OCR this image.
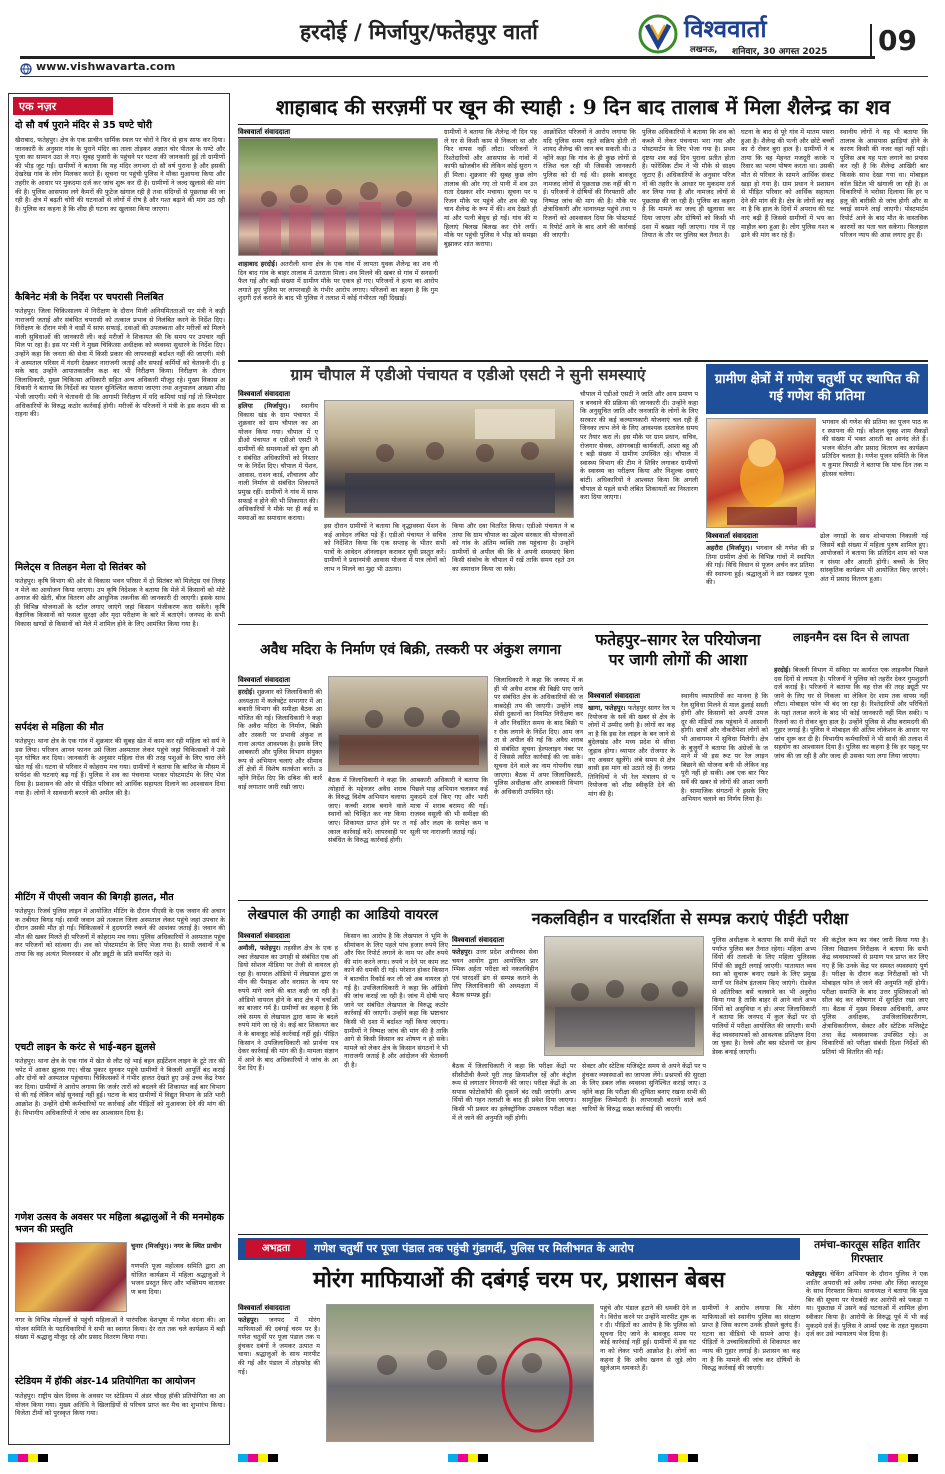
हरदोई / मिर्जापुर/फतेहपुर वार्ता	विश्ववार्ता
लखनऊ, शनिवार, 30 अगस्त 2025 09
www.vishwavarta.com
एक नज़र
दो सौ वर्ष पुराने मंदिर से 35 घण्टे चोरी
खैराबाद, फतेहपुर। क्षेत्र के एक प्राचीन धार्मिक स्थल पर चोरों ने फिर से हाथ साफ कर दिया। जानकारी के अनुसार गांव के पुराने मंदिर का ताला तोड़कर अज्ञात चोर पीतल के घण्टे और पूजा का सामान उठा ले गए। सुबह पुजारी के पहुंचने पर घटना की जानकारी हुई तो ग्रामीणों की भीड़ जुट गई। ग्रामीणों ने बताया कि यह मंदिर लगभग दो सौ वर्ष पुराना है और इसकी देखरेख गांव के लोग मिलकर करते हैं। सूचना पर पहुंची पुलिस ने मौका मुआयना किया और तहरीर के आधार पर मुकदमा दर्ज कर जांच शुरू कर दी है। ग्रामीणों ने जल्द खुलासे की मांग की है। पुलिस आसपास लगे कैमरों की फुटेज खंगाल रही है तथा संदिग्धों से पूछताछ की जा रही है। क्षेत्र में बढ़ती चोरी की घटनाओं से लोगों में रोष है और गश्त बढ़ाने की मांग उठ रही है। पुलिस का कहना है कि शीघ्र ही घटना का खुलासा किया जाएगा।
कैबिनेट मंत्री के निर्देश पर चपरासी निलंबित
फतेहपुर। जिला चिकित्सालय में निरीक्षण के दौरान मिली अनियमितताओं पर मंत्री ने कड़ी नाराजगी जताई और संबंधित चपरासी को तत्काल प्रभाव से निलंबित करने के निर्देश दिए। निरीक्षण के दौरान मंत्री ने वार्डों में साफ सफाई, दवाओं की उपलब्धता और मरीजों को मिलने वाली सुविधाओं की जानकारी ली। कई मरीजों ने शिकायत की कि समय पर उपचार नहीं मिल पा रहा है। इस पर मंत्री ने मुख्य चिकित्सा अधीक्षक को व्यवस्था सुधारने के निर्देश दिए। उन्होंने कहा कि जनता की सेवा में किसी प्रकार की लापरवाही बर्दाश्त नहीं की जाएगी। मंत्री ने अस्पताल परिसर में गंदगी देखकर नाराजगी जताई और सफाई कर्मियों को चेतावनी दी। इसके बाद उन्होंने आपातकालीन कक्ष का भी निरीक्षण किया। निरीक्षण के दौरान जिलाधिकारी, मुख्य चिकित्सा अधिकारी सहित अन्य अधिकारी मौजूद रहे। मुख्य विकास अधिकारी ने बताया कि निर्देशों का पालन सुनिश्चित कराया जाएगा तथा अनुपालन आख्या शीघ्र भेजी जाएगी। मंत्री ने चेतावनी दी कि आगामी निरीक्षण में यदि कमियां पाई गईं तो जिम्मेदार अधिकारियों के विरुद्ध कठोर कार्रवाई होगी। मरीजों के परिजनों ने मंत्री के इस कदम की सराहना की।
मिलेट्स व तिलहन मेला दो सितंबर को
फतेहपुर। कृषि विभाग की ओर से विकास भवन परिसर में दो सितंबर को मिलेट्स एवं तिलहन मेले का आयोजन किया जाएगा। उप कृषि निदेशक ने बताया कि मेले में किसानों को मोटे अनाज की खेती, बीज वितरण और आधुनिक तकनीक की जानकारी दी जाएगी। इसके साथ ही विभिन्न योजनाओं के स्टॉल लगाए जाएंगे जहां किसान पंजीकरण करा सकेंगे। कृषि वैज्ञानिक किसानों को फसल सुरक्षा और मृदा परीक्षण के बारे में बताएंगे। जनपद के सभी विकास खण्डों से किसानों को मेले में शामिल होने के लिए आमंत्रित किया गया है।
सर्पदंश से महिला की मौत
फतेहपुर। थाना क्षेत्र के एक गांव में शुक्रवार की सुबह खेत में काम कर रही महिला को सर्प ने डस लिया। परिजन आनन फानन उसे जिला अस्पताल लेकर पहुंचे जहां चिकित्सकों ने उसे मृत घोषित कर दिया। जानकारी के अनुसार महिला रोज की तरह पशुओं के लिए चारा लेने खेत गई थी। घटना से परिवार में कोहराम मच गया। ग्रामीणों ने बताया कि बारिश के मौसम में सर्पदंश की घटनाएं बढ़ गई हैं। पुलिस ने शव का पंचनामा भरकर पोस्टमार्टम के लिए भेज दिया है। प्रशासन की ओर से पीड़ित परिवार को आर्थिक सहायता दिलाने का आश्वासन दिया गया है। लोगों ने सावधानी बरतने की अपील की है।
मीटिंग में पीएसी जवान की बिगड़ी हालत, मौत
फतेहपुर। रिजर्व पुलिस लाइन में आयोजित मीटिंग के दौरान पीएसी के एक जवान की अचानक तबीयत बिगड़ गई। साथी जवान उसे तत्काल जिला अस्पताल लेकर पहुंचे जहां उपचार के दौरान उसकी मौत हो गई। चिकित्सकों ने हृदयगति रुकने की आशंका जताई है। जवान की मौत की खबर मिलते ही परिजनों में कोहराम मच गया। पुलिस अधिकारियों ने अस्पताल पहुंचकर परिजनों को सांत्वना दी। शव को पोस्टमार्टम के लिए भेजा गया है। साथी जवानों ने बताया कि वह अत्यंत मिलनसार थे और ड्यूटी के प्रति समर्पित रहते थे।
एचटी लाइन के करंट से भाई-बहन झुलसे
फतेहपुर। थाना क्षेत्र के एक गांव में खेत से लौट रहे भाई बहन हाईटेंशन लाइन के टूटे तार की चपेट में आकर झुलस गए। चीख पुकार सुनकर पहुंचे ग्रामीणों ने बिजली आपूर्ति बंद कराई और दोनों को अस्पताल पहुंचाया। चिकित्सकों ने गंभीर हालत देखते हुए उन्हें उच्च केंद्र रेफर कर दिया। ग्रामीणों ने आरोप लगाया कि जर्जर तारों को बदलने की शिकायत कई बार विभाग से की गई लेकिन कोई सुनवाई नहीं हुई। घटना के बाद ग्रामीणों में विद्युत विभाग के प्रति भारी आक्रोश है। उन्होंने दोषी कर्मचारियों पर कार्रवाई और पीड़ितों को मुआवजा देने की मांग की है। विभागीय अधिकारियों ने जांच का आश्वासन दिया है।
गणेश उत्सव के अवसर पर महिला श्रद्धालुओं ने की मनमोहक भजन की प्रस्तुति
चुनार (मिर्जापुर)। नगर के स्थित प्राचीन
गणपति पूजा महोत्सव समिति द्वारा आयोजित कार्यक्रम में महिला श्रद्धालुओं ने भजन प्रस्तुत किए और भक्तिमय वातावरण बना दिया।
नगर के विभिन्न मोहल्लों से पहुंची महिलाओं ने पारंपरिक वेशभूषा में गणेश वंदना की। आयोजन समिति के पदाधिकारियों ने सभी का स्वागत किया। देर रात तक चले कार्यक्रम में बड़ी संख्या में श्रद्धालु मौजूद रहे और प्रसाद वितरण किया गया।
स्टेडियम में हॉकी अंडर-14 प्रतियोगिता का आयोजन
फतेहपुर। राष्ट्रीय खेल दिवस के अवसर पर स्टेडियम में अंडर चौदह हॉकी प्रतियोगिता का आयोजन किया गया। मुख्य अतिथि ने खिलाड़ियों से परिचय प्राप्त कर मैच का शुभारंभ किया। विजेता टीमों को पुरस्कृत किया गया।
शाहाबाद की सरज़मीं पर खून की स्याही : 9 दिन बाद तालाब में मिला शैलेन्द्र का शव
विश्ववार्ता संवाददाता
शाहाबाद हरदोई। अतरौली थाना क्षेत्र के एक गांव में लापता युवक शैलेन्द्र का शव नौ दिन बाद गांव के बाहर तालाब में उतराता मिला। शव मिलने की खबर से गांव में सनसनी फैल गई और बड़ी संख्या में ग्रामीण मौके पर एकत्र हो गए। परिजनों ने हत्या का आरोप लगाते हुए पुलिस पर लापरवाही के गंभीर आरोप लगाए। परिजनों का कहना है कि गुमशुदगी दर्ज कराने के बाद भी पुलिस ने तलाश में कोई गंभीरता नहीं दिखाई।
ग्रामीणों ने बताया कि शैलेन्द्र नौ दिन पहले घर से किसी काम से निकला था और फिर वापस नहीं लौटा। परिजनों ने रिश्तेदारियों और आसपास के गांवों में काफी खोजबीन की लेकिन कोई सुराग नहीं मिला। शुक्रवार की सुबह कुछ लोग तालाब की ओर गए तो पानी में शव उतराता देखकर शोर मचाया। सूचना पर परिजन मौके पर पहुंचे और शव की पहचान शैलेन्द्र के रूप में की। शव देखते ही मां और पत्नी बेसुध हो गईं। गांव की महिलाएं बिलख बिलख कर रोने लगीं। मौके पर पहुंची पुलिस ने भीड़ को समझा बुझाकर शांत कराया।
आक्रोशित परिजनों ने आरोप लगाया कि यदि पुलिस समय रहते सक्रिय होती तो शायद शैलेन्द्र की जान बच सकती थी। उन्होंने कहा कि गांव के ही कुछ लोगों से रंजिश चल रही थी जिसकी जानकारी पुलिस को दी गई थी। इसके बावजूद नामजद लोगों से पूछताछ तक नहीं की गई। परिजनों ने दोषियों की गिरफ्तारी और निष्पक्ष जांच की मांग की है। मौके पर क्षेत्राधिकारी और थानाध्यक्ष पहुंचे तथा परिजनों को आश्वासन दिया कि पोस्टमार्टम रिपोर्ट आने के बाद आगे की कार्रवाई की जाएगी।
पुलिस अधिकारियों ने बताया कि शव को कब्जे में लेकर पंचनामा भरा गया और पोस्टमार्टम के लिए भेजा गया है। प्रथम दृष्टया शव कई दिन पुराना प्रतीत होता है। फोरेंसिक टीम ने भी मौके से साक्ष्य जुटाए हैं। अधिकारियों के अनुसार परिजनों की तहरीर के आधार पर मुकदमा दर्ज कर लिया गया है और नामजद लोगों से पूछताछ की जा रही है। पुलिस का कहना है कि मामले का जल्द ही खुलासा कर दिया जाएगा और दोषियों को किसी भी दशा में बख्शा नहीं जाएगा। गांव में एहतियात के तौर पर पुलिस बल तैनात है।
घटना के बाद से पूरे गांव में मातम पसरा हुआ है। शैलेन्द्र की पत्नी और छोटे बच्चों का रो रोकर बुरा हाल है। ग्रामीणों ने बताया कि वह मेहनत मजदूरी करके परिवार का भरण पोषण करता था। उसकी मौत से परिवार के सामने आर्थिक संकट खड़ा हो गया है। ग्राम प्रधान ने प्रशासन से पीड़ित परिवार को आर्थिक सहायता देने की मांग की है। क्षेत्र के लोगों का कहना है कि हाल के दिनों में अपराध की घटनाएं बढ़ी हैं जिससे ग्रामीणों में भय का माहौल बना हुआ है। लोग पुलिस गश्त बढ़ाने की मांग कर रहे हैं।
स्थानीय लोगों ने यह भी बताया कि तालाब के आसपास झाड़ियां होने के कारण किसी की नजर वहां नहीं पड़ी। पुलिस अब यह पता लगाने का प्रयास कर रही है कि शैलेन्द्र आखिरी बार किसके साथ देखा गया था। मोबाइल कॉल डिटेल भी खंगाली जा रही है। अधिकारियों ने भरोसा दिलाया कि हर पहलू की बारीकी से जांच होगी और सच्चाई सामने लाई जाएगी। पोस्टमार्टम रिपोर्ट आने के बाद मौत के वास्तविक कारणों का पता चल सकेगा। फिलहाल परिजन न्याय की आस लगाए हुए हैं।
ग्राम चौपाल में एडीओ पंचायत व एडीओ एसटी ने सुनी समस्याएं
विश्ववार्ता संवाददाता
हलिया (मिर्जापुर)। स्थानीय विकास खंड के ग्राम पंचायत में शुक्रवार को ग्राम चौपाल का आयोजन किया गया। चौपाल में एडीओ पंचायत व एडीओ एसटी ने ग्रामीणों की समस्याओं को सुना और संबंधित अधिकारियों को निस्तारण के निर्देश दिए। चौपाल में पेंशन, आवास, राशन कार्ड, शौचालय और नाली निर्माण से संबंधित शिकायतें प्रमुख रहीं। ग्रामीणों ने गांव में साफ सफाई न होने की भी शिकायत की। अधिकारियों ने मौके पर ही कई समस्याओं का समाधान कराया।
इस दौरान ग्रामीणों ने बताया कि वृद्धावस्था पेंशन के कई आवेदन लंबित पड़े हैं। एडीओ पंचायत ने सचिव को निर्देशित किया कि एक सप्ताह के भीतर सभी पात्रों के आवेदन ऑनलाइन कराकर सूची प्रस्तुत करें। ग्रामीणों ने प्रधानमंत्री आवास योजना में पात्र लोगों को लाभ न मिलने का मुद्दा भी उठाया।
किया और दवा वितरित किया। एडीओ पंचायत ने बताया कि ग्राम चौपाल का उद्देश्य सरकार की योजनाओं को गांव के अंतिम व्यक्ति तक पहुंचाना है। उन्होंने ग्रामीणों से अपील की कि वे अपनी समस्याएं बिना किसी संकोच के चौपाल में रखें ताकि समय रहते उनका समाधान किया जा सके।
चौपाल में एडीओ एसटी ने जाति और आय प्रमाण पत्र बनवाने की प्रक्रिया की जानकारी दी। उन्होंने कहा कि अनुसूचित जाति और जनजाति के लोगों के लिए सरकार की कई कल्याणकारी योजनाएं चल रही हैं जिनका लाभ लेने के लिए आवश्यक दस्तावेज समय पर तैयार करा लें। इस मौके पर ग्राम प्रधान, सचिव, रोजगार सेवक, आंगनबाड़ी कार्यकर्ती, आशा बहू और बड़ी संख्या में ग्रामीण उपस्थित रहे। चौपाल में स्वास्थ्य विभाग की टीम ने शिविर लगाकर ग्रामीणों के स्वास्थ्य का परीक्षण किया और निशुल्क दवाएं बांटीं। अधिकारियों ने आश्वस्त किया कि अगली चौपाल से पहले सभी लंबित शिकायतों का निस्तारण करा दिया जाएगा।
ग्रामीण क्षेत्रों में गणेश चतुर्थी पर स्थापित की गई गणेश की प्रतिमा
भगवान श्री गणेश की प्रतिमा का पूजन पाठ कर स्थापना की गई। कौशल सुबह शाम सैकड़ों की संख्या में भक्त आरती का आनंद लेते हैं। भजन कीर्तन और प्रसाद वितरण का कार्यक्रम प्रतिदिन चलता है। गणेश पूजन समिति के विजय कुमार त्रिपाठी ने बताया कि पांच दिन तक महोत्सव चलेगा।
विश्ववार्ता संवाददाता
अहरौरा (मिर्जापुर)। भगवान श्री गणेश की प्रतिमा ग्रामीण क्षेत्रों के विभिन्न गांवों में स्थापित की गई। विधि विधान से पूजन अर्चन कर प्रतिमा की स्थापना हुई। श्रद्धालुओं ने व्रत रखकर पूजा की।
ढोल नगाड़ों के साथ शोभायात्रा निकाली गई जिसमें बड़ी संख्या में महिला पुरुष शामिल हुए। आयोजकों ने बताया कि प्रतिदिन शाम को भजन संध्या और आरती होगी। बच्चों के लिए सांस्कृतिक कार्यक्रम भी आयोजित किए जाएंगे। अंत में प्रसाद वितरण हुआ।
अवैध मदिरा के निर्माण एवं बिक्री, तस्करी पर अंकुश लगाना
विश्ववार्ता संवाददाता
हरदोई। शुक्रवार को जिलाधिकारी की अध्यक्षता में कलेक्ट्रेट सभागार में आबकारी विभाग की समीक्षा बैठक आयोजित की गई। जिलाधिकारी ने कहा कि अवैध मदिरा के निर्माण, बिक्री और तस्करी पर प्रभावी अंकुश लगाना अत्यंत आवश्यक है। इसके लिए आबकारी और पुलिस विभाग संयुक्त रूप से अभियान चलाएं और सीमावर्ती क्षेत्रों में विशेष सतर्कता बरतें। उन्होंने निर्देश दिए कि दबिश की कार्रवाई लगातार जारी रखी जाए।
बैठक में जिलाधिकारी ने कहा कि त्योहारों के मद्देनजर अवैध शराब के विरुद्ध विशेष अभियान चलाया जाए। कच्ची शराब बनाने वाले स्थानों को चिन्हित कर नष्ट किया जाए। शिकायत प्राप्त होने पर तत्काल कार्रवाई करें। लापरवाही पर संबंधित के विरुद्ध कार्रवाई होगी।
आबकारी अधिकारी ने बताया कि पिछले माह अभियान चलाकर कई मुकदमे दर्ज किए गए और भारी मात्रा में शराब बरामद की गई। राजस्व वसूली की भी समीक्षा की गई और लक्ष्य के सापेक्ष कम वसूली पर नाराजगी जताई गई।
जिलाधिकारी ने कहा कि जनपद में कहीं भी अवैध शराब की बिक्री पाए जाने पर संबंधित क्षेत्र के अधिकारियों की जवाबदेही तय की जाएगी। उन्होंने लाइसेंसी दुकानों का नियमित निरीक्षण करने और निर्धारित समय के बाद बिक्री पर रोक लगाने के निर्देश दिए। आम जनता से अपील की गई कि अवैध शराब से संबंधित सूचना हेल्पलाइन नंबर पर दें जिससे त्वरित कार्रवाई की जा सके। सूचना देने वाले का नाम गोपनीय रखा जाएगा। बैठक में अपर जिलाधिकारी, पुलिस अधीक्षक और आबकारी विभाग के अधिकारी उपस्थित रहे।
फतेहपुर–सागर रेल परियोजना पर जागी लोगों की आशा
विश्ववार्ता संवाददाता
खागा, फतेहपुर। फतेहपुर सागर रेल परियोजना के सर्वे की खबर से क्षेत्र के लोगों में उम्मीद जगी है। लोगों का कहना है कि इस रेल लाइन के बन जाने से बुंदेलखंड और मध्य प्रदेश से सीधा जुड़ाव होगा। व्यापार और रोजगार के नए अवसर खुलेंगे। लंबे समय से क्षेत्रवासी इस मांग को उठाते रहे हैं। जनप्रतिनिधियों ने भी रेल मंत्रालय से परियोजना को शीघ्र स्वीकृति देने की मांग की है।
स्थानीय व्यापारियों का मानना है कि रेल सुविधा मिलने से माल ढुलाई सस्ती होगी और किसानों को अपनी उपज दूर की मंडियों तक पहुंचाने में आसानी होगी। छात्रों और नौकरीपेशा लोगों को भी आवागमन में सुविधा मिलेगी। क्षेत्र के बुजुर्गों ने बताया कि अंग्रेजों के जमाने में भी इस रूट पर रेल लाइन बिछाने की योजना बनी थी लेकिन वह पूरी नहीं हो सकी। अब एक बार फिर सर्वे की खबर से लोगों की आशा जागी है। सामाजिक संगठनों ने इसके लिए अभियान चलाने का निर्णय लिया है।
लाइनमैन दस दिन से लापता
हरदोई। बिजली विभाग में संविदा पर कार्यरत एक लाइनमैन पिछले दस दिनों से लापता है। परिजनों ने पुलिस को तहरीर देकर गुमशुदगी दर्ज कराई है। परिजनों ने बताया कि वह रोज की तरह ड्यूटी पर जाने के लिए घर से निकला था लेकिन देर शाम तक वापस नहीं लौटा। मोबाइल फोन भी बंद जा रहा है। रिश्तेदारियों और परिचितों के यहां तलाश करने के बाद भी कोई जानकारी नहीं मिल सकी। परिजनों का रो रोकर बुरा हाल है। उन्होंने पुलिस से शीघ्र बरामदगी की गुहार लगाई है। पुलिस ने मोबाइल की अंतिम लोकेशन के आधार पर जांच शुरू कर दी है। विभागीय कर्मचारियों ने भी साथी की तलाश में सहयोग का आश्वासन दिया है। पुलिस का कहना है कि हर पहलू पर जांच की जा रही है और जल्द ही उसका पता लगा लिया जाएगा।
लेखपाल की उगाही का आडियो वायरल
विश्ववार्ता संवाददाता
अमौली, फतेहपुर। तहसील क्षेत्र के एक हल्का लेखपाल का उगाही से संबंधित एक ऑडियो सोशल मीडिया पर तेजी से वायरल हो रहा है। वायरल ऑडियो में लेखपाल द्वारा जमीन की पैमाइश और वरासत के नाम पर रुपये मांगे जाने की बात कही जा रही है। ऑडियो वायरल होने के बाद क्षेत्र में चर्चाओं का बाजार गर्म है। ग्रामीणों का कहना है कि लंबे समय से लेखपाल द्वारा काम के बदले रुपये मांगे जा रहे थे। कई बार शिकायत करने के बावजूद कोई कार्रवाई नहीं हुई। पीड़ित किसान ने उपजिलाधिकारी को प्रार्थना पत्र देकर कार्रवाई की मांग की है। मामला संज्ञान में आने के बाद अधिकारियों ने जांच के आदेश दिए हैं।
किसान का आरोप है कि लेखपाल ने भूमि के सीमांकन के लिए पहले पांच हजार रुपये लिए और फिर रिपोर्ट लगाने के नाम पर और रुपये की मांग करने लगा। रुपये न देने पर काम लटकाने की धमकी दी गई। परेशान होकर किसान ने बातचीत रिकॉर्ड कर ली जो अब वायरल हो गई है। उपजिलाधिकारी ने कहा कि ऑडियो की जांच कराई जा रही है। जांच में दोषी पाए जाने पर संबंधित लेखपाल के विरुद्ध कठोर कार्रवाई की जाएगी। उन्होंने कहा कि भ्रष्टाचार किसी भी दशा में बर्दाश्त नहीं किया जाएगा। ग्रामीणों ने निष्पक्ष जांच की मांग की है ताकि आगे से किसी किसान का शोषण न हो सके। मामले को लेकर क्षेत्र के किसान संगठनों ने भी नाराजगी जताई है और आंदोलन की चेतावनी दी है।
नकलविहीन व पारदर्शिता से सम्पन्न कराएं पीईटी परीक्षा
विश्ववार्ता संवाददाता
फतेहपुर। उत्तर प्रदेश अधीनस्थ सेवा चयन आयोग द्वारा आयोजित प्रारम्भिक अर्हता परीक्षा को नकलविहीन एवं पारदर्शी ढंग से सम्पन्न कराने के लिए जिलाधिकारी की अध्यक्षता में बैठक सम्पन्न हुई।
बैठक में जिलाधिकारी ने कहा कि परीक्षा केंद्रों पर सीसीटीवी कैमरे पूरी तरह क्रियाशील रहें और कंट्रोल रूम से लगातार निगरानी की जाए। परीक्षा केंद्रों के आसपास फोटोकॉपी की दुकानें बंद रखी जाएंगी। अभ्यर्थियों की गहन तलाशी के बाद ही प्रवेश दिया जाएगा। किसी भी प्रकार का इलेक्ट्रॉनिक उपकरण परीक्षा कक्ष में ले जाने की अनुमति नहीं होगी।
सेक्टर और स्टेटिक मजिस्ट्रेट समय से अपने केंद्रों पर पहुंचकर व्यवस्थाओं का जायजा लेंगे। प्रश्नपत्रों की सुरक्षा के लिए डबल लॉक व्यवस्था सुनिश्चित कराई जाए। उन्होंने कहा कि परीक्षा की शुचिता बनाए रखना सभी की सामूहिक जिम्मेदारी है। लापरवाही बरतने वाले कर्मचारियों के विरुद्ध सख्त कार्रवाई की जाएगी।
पुलिस अधीक्षक ने बताया कि सभी केंद्रों पर पर्याप्त पुलिस बल तैनात रहेगा। महिला अभ्यर्थियों की तलाशी के लिए महिला पुलिसकर्मियों की ड्यूटी लगाई जाएगी। यातायात व्यवस्था को सुचारू बनाए रखने के लिए प्रमुख मार्गों पर विशेष इंतजाम किए जाएंगे। रोडवेज से अतिरिक्त बसें चलवाने का भी अनुरोध किया गया है ताकि बाहर से आने वाले अभ्यर्थियों को असुविधा न हो। अपर जिलाधिकारी ने बताया कि जनपद में कुल केंद्रों पर दो पालियों में परीक्षा आयोजित की जाएगी। सभी केंद्र व्यवस्थापकों को आवश्यक प्रशिक्षण दिया जा चुका है। रेलवे और बस स्टेशनों पर हेल्प डेस्क बनाई जाएगी।
की कंट्रोल रूम का नंबर जारी किया गया है। जिला विद्यालय निरीक्षक ने बताया कि सभी केंद्र व्यवस्थापकों से प्रमाण पत्र प्राप्त कर लिए गए हैं कि उनके केंद्र पर समस्त व्यवस्थाएं पूर्ण हैं। परीक्षा के दौरान कक्ष निरीक्षकों को भी मोबाइल फोन ले जाने की अनुमति नहीं होगी। परीक्षा समाप्ति के बाद उत्तर पुस्तिकाओं को सील बंद कर कोषागार में सुरक्षित रखा जाएगा। बैठक में मुख्य विकास अधिकारी, अपर पुलिस अधीक्षक, उपजिलाधिकारीगण, क्षेत्राधिकारीगण, सेक्टर और स्टेटिक मजिस्ट्रेट तथा केंद्र व्यवस्थापक उपस्थित रहे। अधिकारियों को परीक्षा संबंधी दिशा निर्देशों की प्रतियां भी वितरित की गईं।
अभद्रता	गणेश चतुर्थी पर पूजा पंडाल तक पहुंची गुंडागर्दी, पुलिस पर मिलीभगत के आरोप
मोरंग माफियाओं की दबंगई चरम पर, प्रशासन बेबस
विश्ववार्ता संवाददाता
फतेहपुर। जनपद में मोरंग माफियाओं की दबंगई चरम पर है। गणेश चतुर्थी पर पूजा पंडाल तक पहुंचकर दबंगों ने जमकर उत्पात मचाया। श्रद्धालुओं के साथ मारपीट की गई और पंडाल में तोड़फोड़ की गई।
पहुंचे और पंडाल हटाने की धमकी देने लगे। विरोध करने पर उन्होंने मारपीट शुरू कर दी। पीड़ितों का आरोप है कि पुलिस को सूचना दिए जाने के बावजूद समय पर कोई कार्रवाई नहीं हुई। ग्रामीणों में इस घटना को लेकर भारी आक्रोश है। लोगों का कहना है कि अवैध खनन से जुड़े लोग खुलेआम धमकाते हैं।
ग्रामीणों ने आरोप लगाया कि मोरंग माफियाओं को स्थानीय पुलिस का संरक्षण प्राप्त है जिस कारण उनके हौसले बुलंद हैं। घटना का वीडियो भी सामने आया है। पीड़ितों ने उच्चाधिकारियों से शिकायत कर न्याय की गुहार लगाई है। प्रशासन का कहना है कि मामले की जांच कर दोषियों के विरुद्ध कार्रवाई की जाएगी।
तमंचा-कारतूस सहित शातिर गिरफ्तार
फतेहपुर। चेकिंग अभियान के दौरान पुलिस ने एक शातिर अपराधी को अवैध तमंचा और जिंदा कारतूस के साथ गिरफ्तार किया। थानाध्यक्ष ने बताया कि मुखबिर की सूचना पर घेराबंदी कर आरोपी को पकड़ा गया। पूछताछ में उसने कई घटनाओं में शामिल होना स्वीकार किया है। आरोपी के विरुद्ध पूर्व में भी कई मुकदमे दर्ज हैं। पुलिस ने आर्म्स एक्ट के तहत मुकदमा दर्ज कर उसे न्यायालय भेज दिया है।
